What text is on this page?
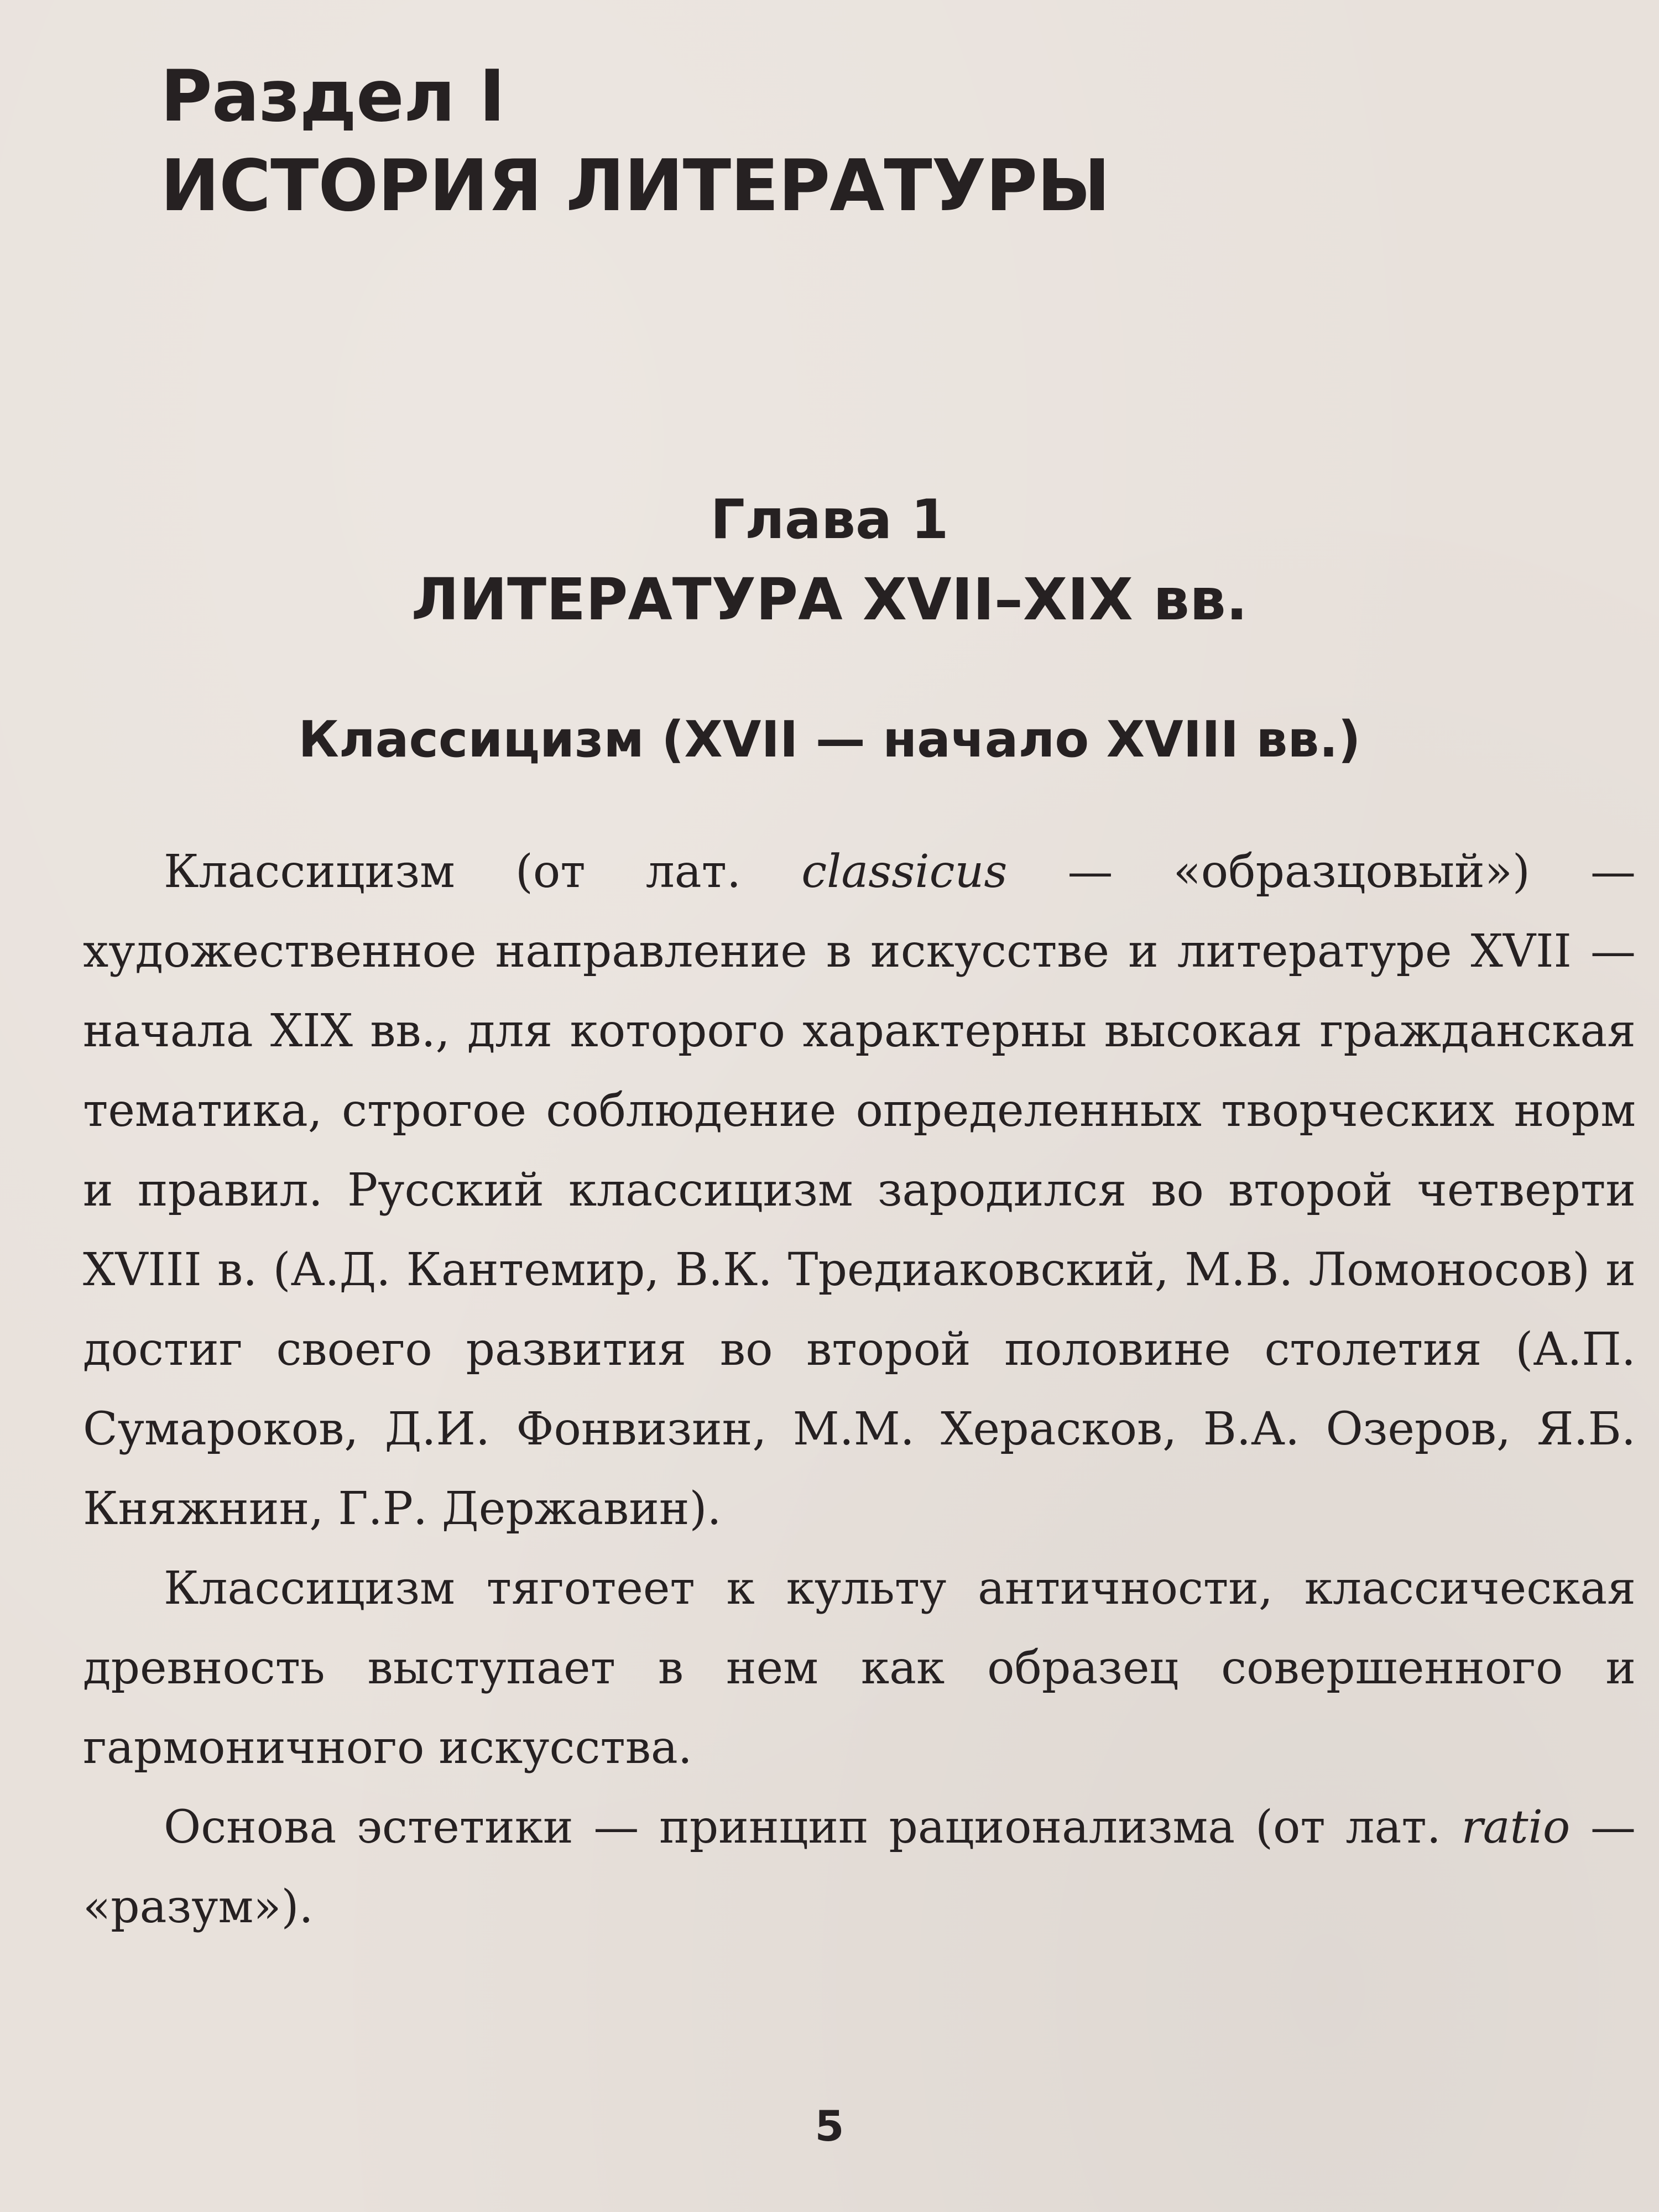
Раздел I
ИСТОРИЯ ЛИТЕРАТУРЫ
Глава 1
ЛИТЕРАТУРА XVII–XIX вв.
Классицизм (XVII — начало XVIII вв.)

Классицизм (от лат. classicus — «образцовый») — художественное направление в искусстве и литературе XVII — начала XIX вв., для которого характерны высокая гражданская тематика, строгое соблюдение определенных творческих норм и правил. Русский классицизм зародился во второй четверти XVIII в. (А.Д. Кантемир, В.К. Тредиаковский, М.В. Ломоносов) и достиг своего развития во второй половине столетия (А.П. Сумароков, Д.И. Фонвизин, М.М. Херасков, В.А. Озеров, Я.Б. Княжнин, Г.Р. Державин).

Классицизм тяготеет к культу античности, классическая древность выступает в нем как образец совершенного и гармоничного искусства.

Основа эстетики — принцип рационализма (от лат. ratio — «разум»).

5
